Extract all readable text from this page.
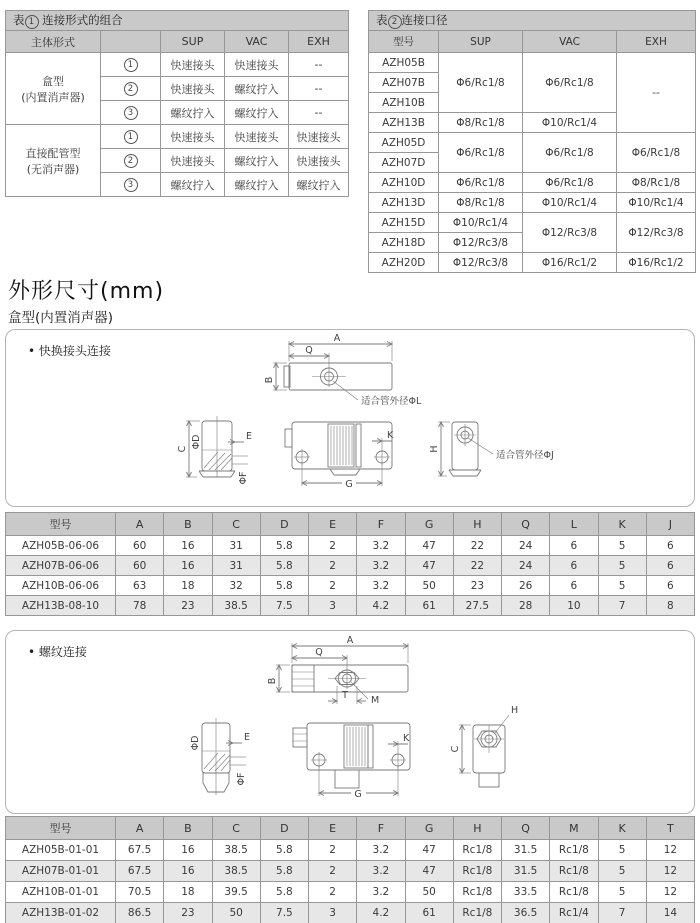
表 1 连接形式的组合				
主体形式		SUP	VAC	EXH

盒型
(内置消声器)	1	快速接头	快速接头	--
	2	快速接头	螺纹拧入	--
	3	螺纹拧入	螺纹拧入	--

直接配管型
(无消声器)	1	快速接头	快速接头	快速接头
	2	快速接头	螺纹拧入	快速接头
	3	螺纹拧入	螺纹拧入	螺纹拧入
表 2 连接口径			
型号	SUP	VAC	EXH
AZH05B	Φ6/Rc1/8	Φ6/Rc1/8	--
AZH07B			
AZH10B			
AZH13B	Φ8/Rc1/8	Φ10/Rc1/4	
AZH05D	Φ6/Rc1/8	Φ6/Rc1/8	Φ6/Rc1/8
AZH07D			
AZH10D	Φ6/Rc1/8	Φ6/Rc1/8	Φ8/Rc1/8
AZH13D	Φ8/Rc1/8	Φ10/Rc1/4	Φ10/Rc1/4
AZH15D	Φ10/Rc1/4	Φ12/Rc3/8	Φ12/Rc3/8
AZH18D	Φ12/Rc3/8		
AZH20D	Φ12/Rc3/8	Φ16/Rc1/2	Φ16/Rc1/2
外形尺寸(mm)
盒型(内置消声器)
• 快换接头连接
A
Q
B
适合管外径ΦL
C ΦD	E
ΦF
K
G
H
适合管外径ΦJ
型号	A	B	C	D	E	F	G	H	Q	L	K	J
AZH05B-06-06	60	16	31	5.8	2	3.2	47	22	24	6	5	6
AZH07B-06-06	60	16	31	5.8	2	3.2	47	22	24	6	5	6
AZH10B-06-06	63	18	32	5.8	2	3.2	50	23	26	6	5	6
AZH13B-08-10	78	23	38.5	7.5	3	4.2	61	27.5	28	10	7	8
• 螺纹连接
A
Q
B
T M
ΦD	E
ΦF
K
G
H
C
型号	A	B	C	D	E	F	G	H	Q	M	K	T
AZH05B-01-01	67.5	16	38.5	5.8	2	3.2	47	Rc1/8	31.5	Rc1/8	5	12
AZH07B-01-01	67.5	16	38.5	5.8	2	3.2	47	Rc1/8	31.5	Rc1/8	5	12
AZH10B-01-01	70.5	18	39.5	5.8	2	3.2	50	Rc1/8	33.5	Rc1/8	5	12
AZH13B-01-02	86.5	23	50	7.5	3	4.2	61	Rc1/8	36.5	Rc1/4	7	14
